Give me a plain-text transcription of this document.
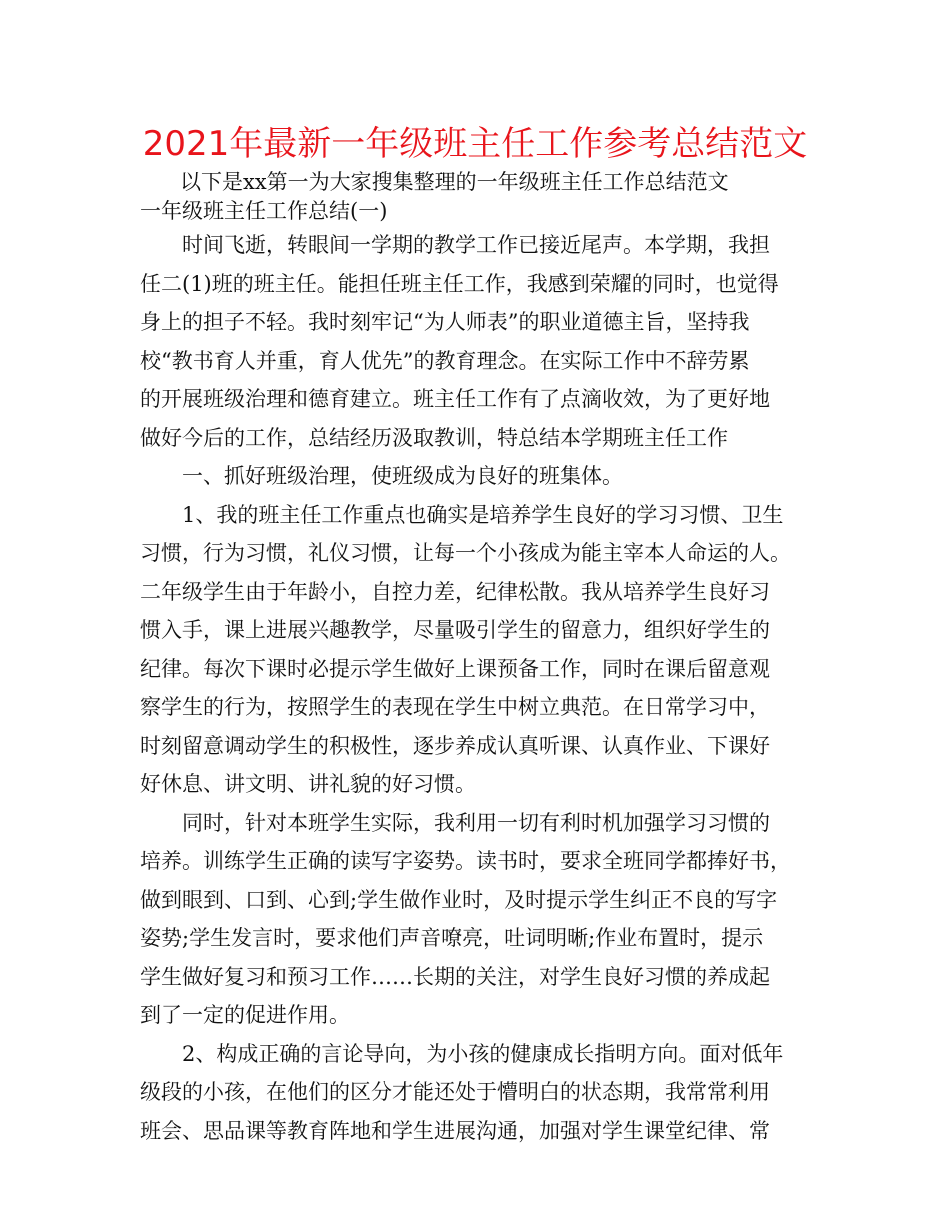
2021年最新一年级班主任工作参考总结范文

以下是xx第一为大家搜集整理的一年级班主任工作总结范文

一年级班主任工作总结(一)

时间飞逝，转眼间一学期的教学工作已接近尾声。本学期，我担

任二(1)班的班主任。能担任班主任工作，我感到荣耀的同时，也觉得

身上的担子不轻。我时刻牢记“为人师表”的职业道德主旨，坚持我

校“教书育人并重，育人优先”的教育理念。在实际工作中不辞劳累

的开展班级治理和德育建立。班主任工作有了点滴收效，为了更好地

做好今后的工作，总结经历汲取教训，特总结本学期班主任工作

一、抓好班级治理，使班级成为良好的班集体。

1、我的班主任工作重点也确实是培养学生良好的学习习惯、卫生

习惯，行为习惯，礼仪习惯，让每一个小孩成为能主宰本人命运的人。

二年级学生由于年龄小，自控力差，纪律松散。我从培养学生良好习

惯入手，课上进展兴趣教学，尽量吸引学生的留意力，组织好学生的

纪律。每次下课时必提示学生做好上课预备工作，同时在课后留意观

察学生的行为，按照学生的表现在学生中树立典范。在日常学习中，

时刻留意调动学生的积极性，逐步养成认真听课、认真作业、下课好

好休息、讲文明、讲礼貌的好习惯。

同时，针对本班学生实际，我利用一切有利时机加强学习习惯的

培养。训练学生正确的读写字姿势。读书时，要求全班同学都捧好书，

做到眼到、口到、心到;学生做作业时，及时提示学生纠正不良的写字

姿势;学生发言时，要求他们声音嘹亮，吐词明晰;作业布置时，提示

学生做好复习和预习工作……长期的关注，对学生良好习惯的养成起

到了一定的促进作用。

2、构成正确的言论导向，为小孩的健康成长指明方向。面对低年

级段的小孩，在他们的区分才能还处于懵明白的状态期，我常常利用

班会、思品课等教育阵地和学生进展沟通，加强对学生课堂纪律、常
